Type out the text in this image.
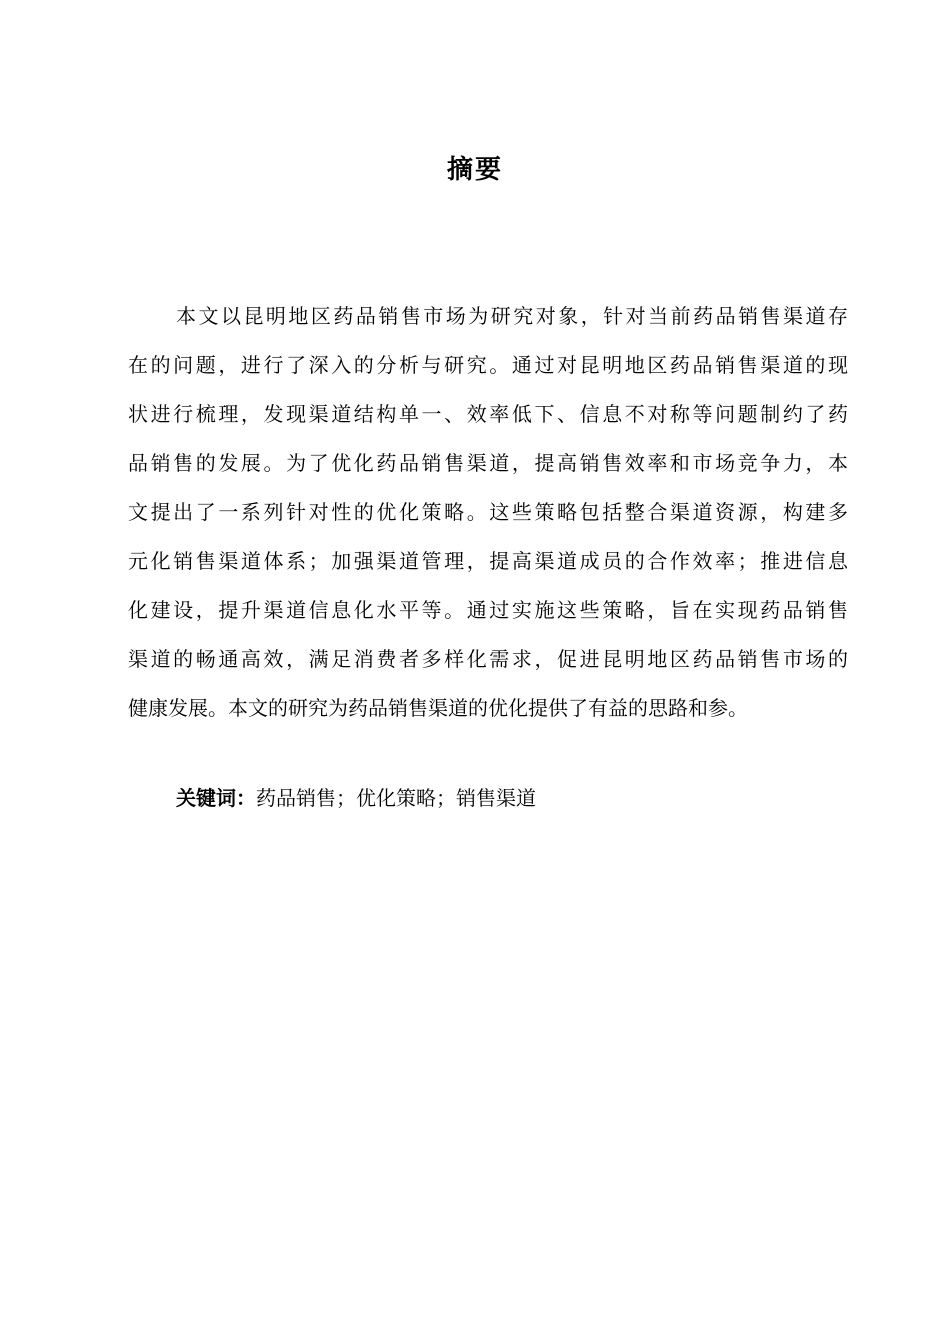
摘要
本文以昆明地区药品销售市场为研究对象，针对当前药品销售渠道存
在的问题，进行了深入的分析与研究。通过对昆明地区药品销售渠道的现
状进行梳理，发现渠道结构单一、效率低下、信息不对称等问题制约了药
品销售的发展。为了优化药品销售渠道，提高销售效率和市场竞争力，本
文提出了一系列针对性的优化策略。这些策略包括整合渠道资源，构建多
元化销售渠道体系；加强渠道管理，提高渠道成员的合作效率；推进信息
化建设，提升渠道信息化水平等。通过实施这些策略，旨在实现药品销售
渠道的畅通高效，满足消费者多样化需求，促进昆明地区药品销售市场的
健康发展。本文的研究为药品销售渠道的优化提供了有益的思路和参。
关键词：药品销售；优化策略；销售渠道
